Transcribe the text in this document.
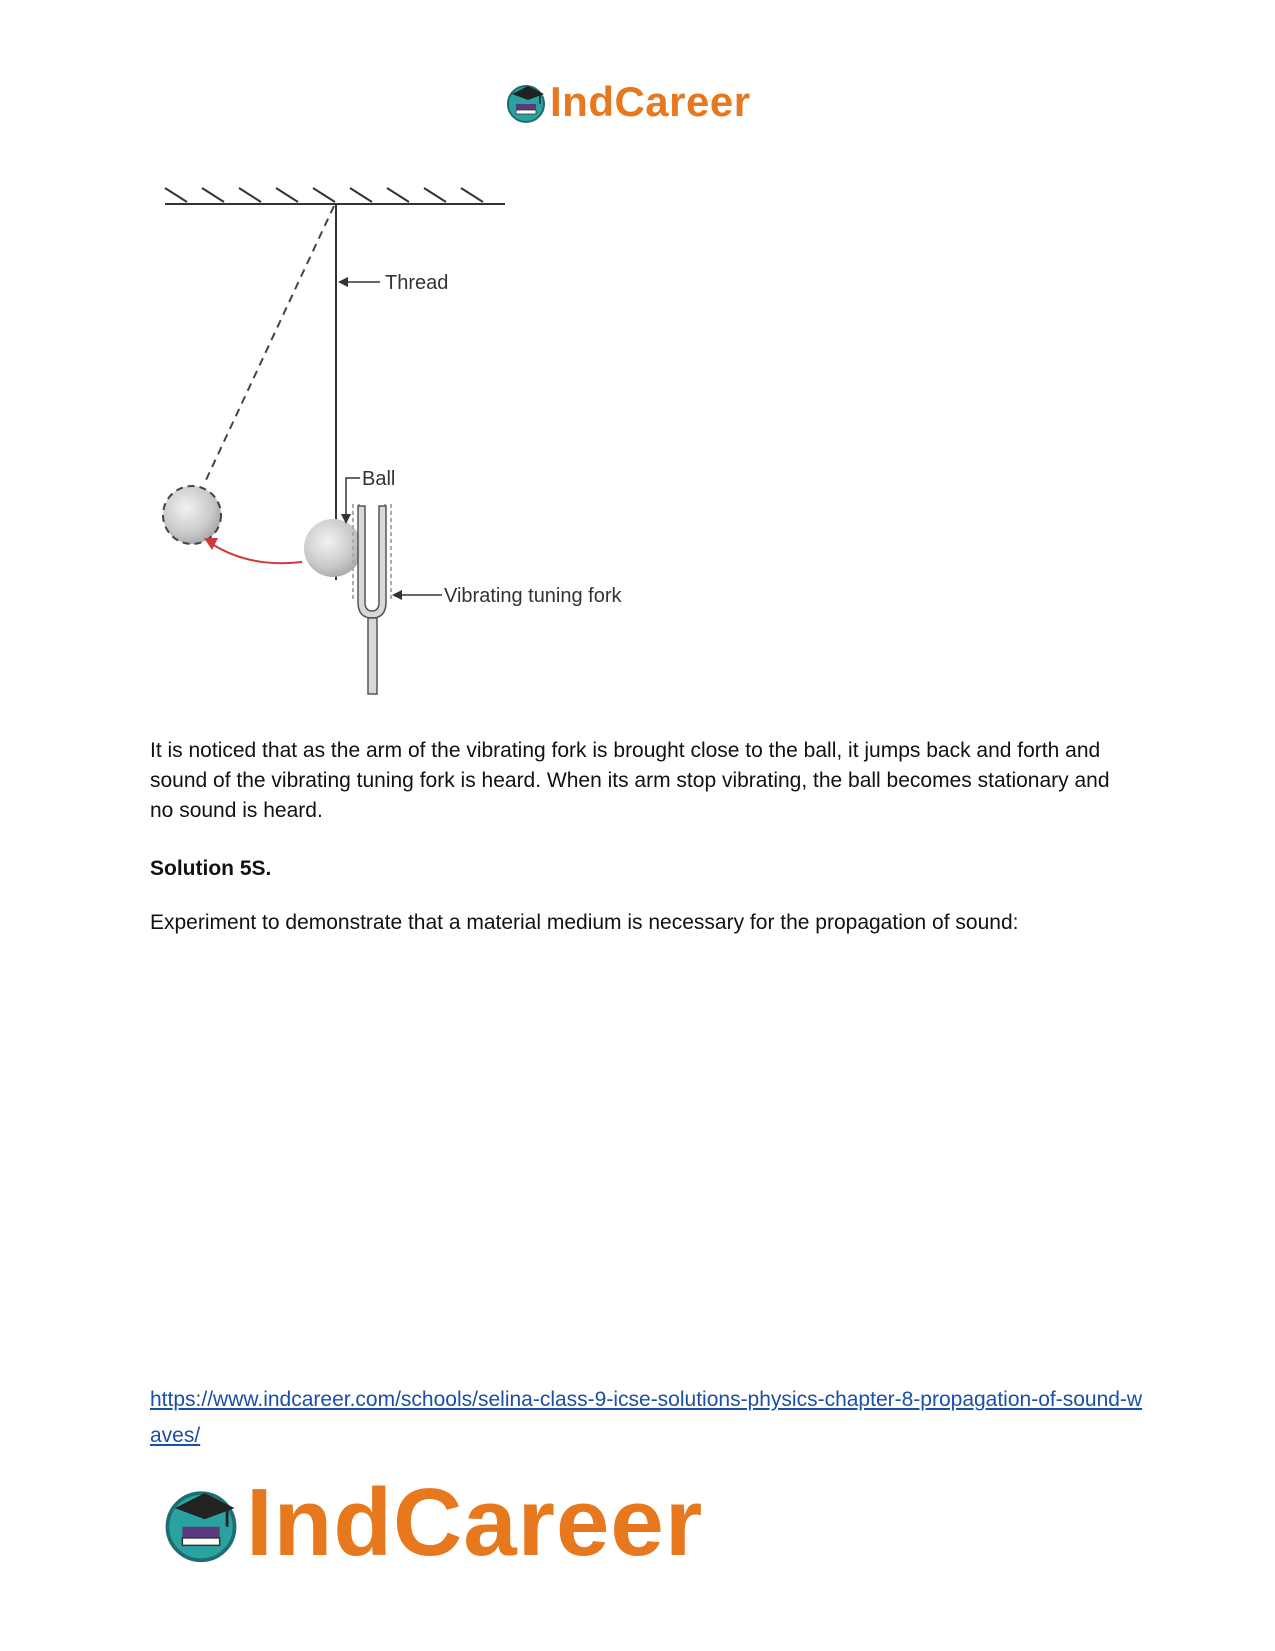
IndCareer
Thread
Ball
Vibrating tuning fork

It is noticed that as the arm of the vibrating fork is brought close to the ball, it jumps back and forth and sound of the vibrating tuning fork is heard. When its arm stop vibrating, the ball becomes stationary and no sound is heard.

Solution 5S.

Experiment to demonstrate that a material medium is necessary for the propagation of sound:

https://www.indcareer.com/schools/selina-class-9-icse-solutions-physics-chapter-8-propagation-of-sound-waves/
IndCareer
